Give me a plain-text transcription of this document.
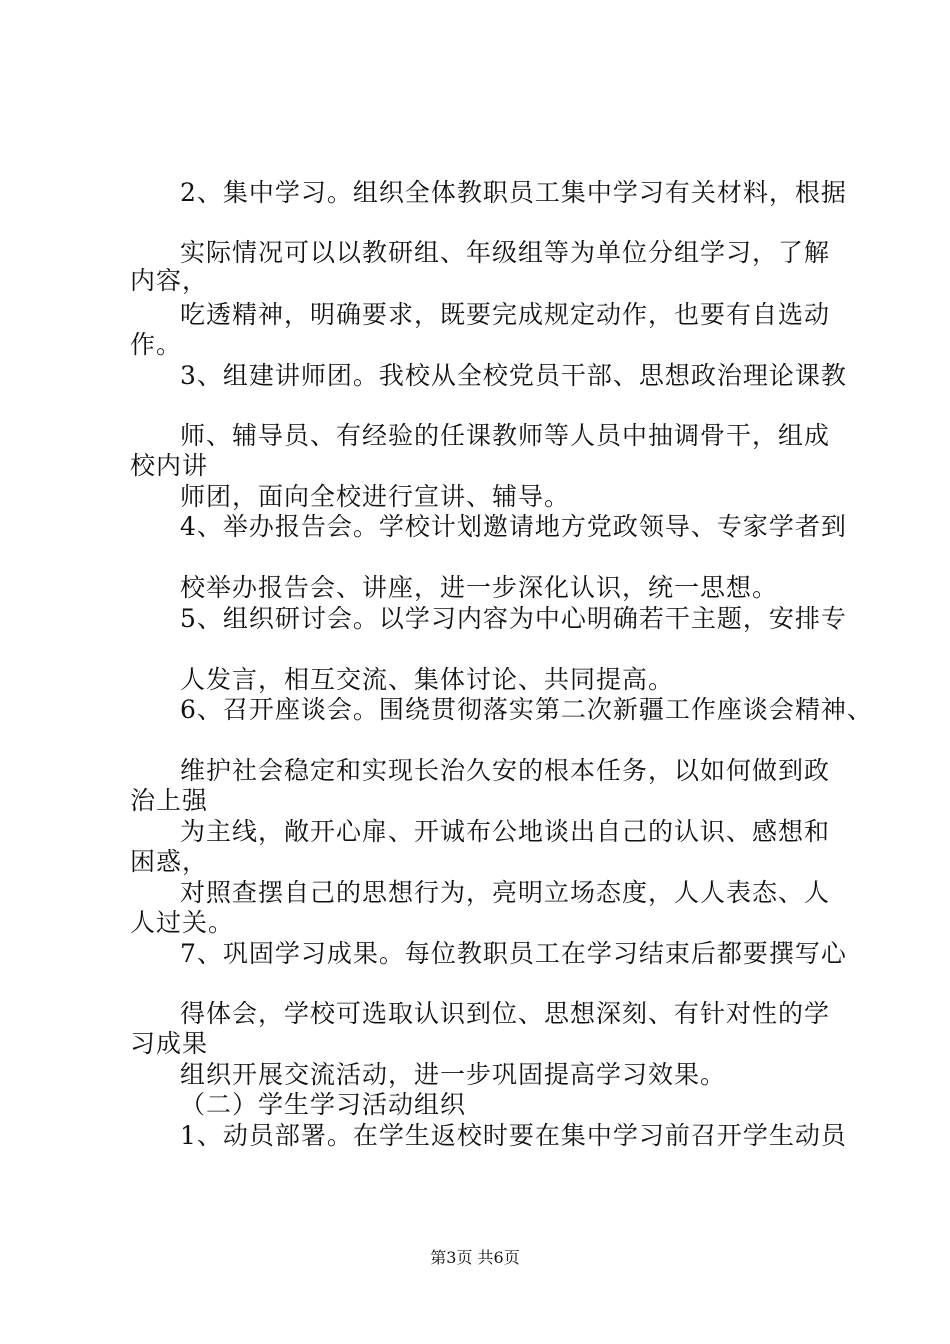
2、集中学习。组织全体教职员工集中学习有关材料，根据
实际情况可以以教研组、年级组等为单位分组学习，了解
内容，
吃透精神，明确要求，既要完成规定动作，也要有自选动
作。
3、组建讲师团。我校从全校党员干部、思想政治理论课教
师、辅导员、有经验的任课教师等人员中抽调骨干，组成
校内讲
师团，面向全校进行宣讲、辅导。
4、举办报告会。学校计划邀请地方党政领导、专家学者到
校举办报告会、讲座，进一步深化认识，统一思想。
5、组织研讨会。以学习内容为中心明确若干主题，安排专
人发言，相互交流、集体讨论、共同提高。
6、召开座谈会。围绕贯彻落实第二次新疆工作座谈会精神、
维护社会稳定和实现长治久安的根本任务，以如何做到政
治上强
为主线，敞开心扉、开诚布公地谈出自己的认识、感想和
困惑，
对照查摆自己的思想行为，亮明立场态度，人人表态、人
人过关。
7、巩固学习成果。每位教职员工在学习结束后都要撰写心
得体会，学校可选取认识到位、思想深刻、有针对性的学
习成果
组织开展交流活动，进一步巩固提高学习效果。
（二）学生学习活动组织
1、动员部署。在学生返校时要在集中学习前召开学生动员
第3页 共6页
